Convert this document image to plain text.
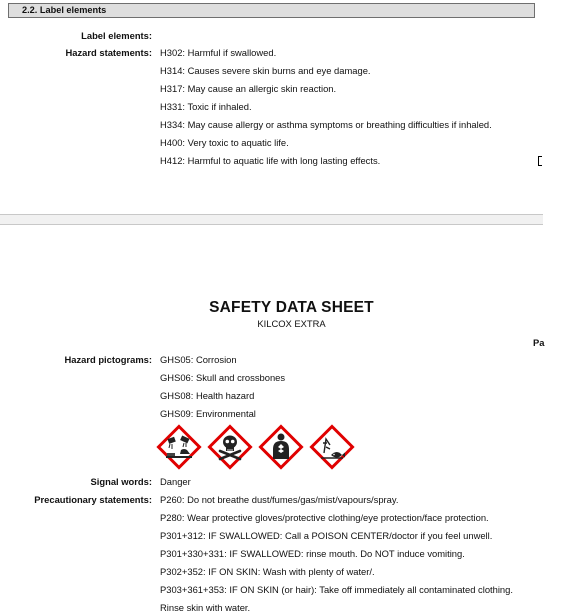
2.2. Label elements
Label elements:
Hazard statements: H302: Harmful if swallowed.
H314: Causes severe skin burns and eye damage.
H317: May cause an allergic skin reaction.
H331: Toxic if inhaled.
H334: May cause allergy or asthma symptoms or breathing difficulties if inhaled.
H400: Very toxic to aquatic life.
H412: Harmful to aquatic life with long lasting effects.
SAFETY DATA SHEET
KILCOX EXTRA
Pa
Hazard pictograms: GHS05: Corrosion
GHS06: Skull and crossbones
GHS08: Health hazard
GHS09: Environmental
Signal words: Danger
Precautionary statements: P260: Do not breathe dust/fumes/gas/mist/vapours/spray.
P280: Wear protective gloves/protective clothing/eye protection/face protection.
P301+312: IF SWALLOWED: Call a POISON CENTER/doctor if you feel unwell.
P301+330+331: IF SWALLOWED: rinse mouth. Do NOT induce vomiting.
P302+352: IF ON SKIN: Wash with plenty of water/.
P303+361+353: IF ON SKIN (or hair): Take off immediately all contaminated clothing.
Rinse skin with water.
